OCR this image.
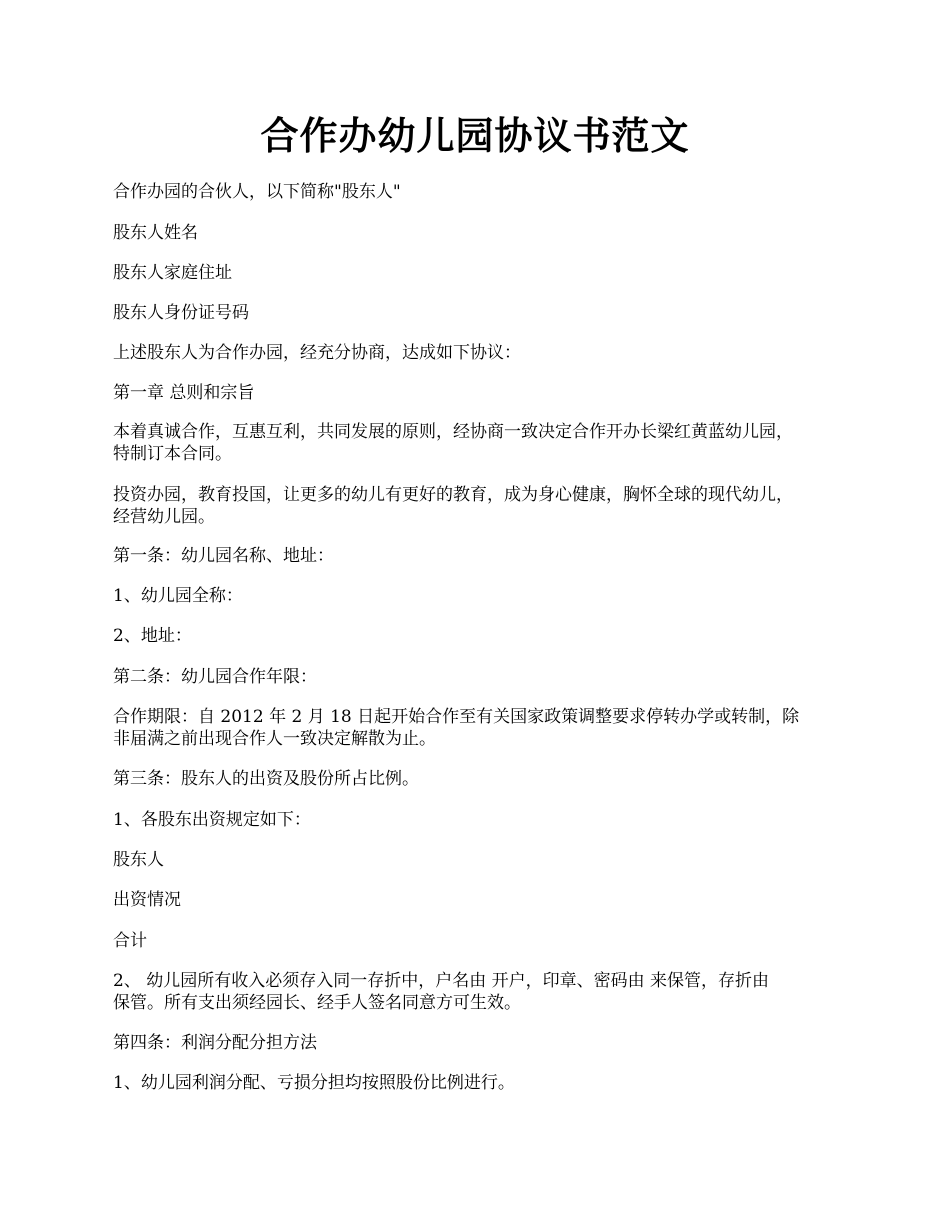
合作办幼儿园协议书范文
合作办园的合伙人，以下简称"股东人"
股东人姓名
股东人家庭住址
股东人身份证号码
上述股东人为合作办园，经充分协商，达成如下协议：
第一章 总则和宗旨
本着真诚合作，互惠互利，共同发展的原则，经协商一致决定合作开办长梁红黄蓝幼儿园，
特制订本合同。
投资办园，教育投国，让更多的幼儿有更好的教育，成为身心健康，胸怀全球的现代幼儿，
经营幼儿园。
第一条：幼儿园名称、地址：
1、幼儿园全称：
2、地址：
第二条：幼儿园合作年限：
合作期限：自 2012 年 2 月 18 日起开始合作至有关国家政策调整要求停转办学或转制，除
非届满之前出现合作人一致决定解散为止。
第三条：股东人的出资及股份所占比例。
1、各股东出资规定如下：
股东人
出资情况
合计
2、 幼儿园所有收入必须存入同一存折中，户名由 开户，印章、密码由 来保管，存折由
保管。所有支出须经园长、经手人签名同意方可生效。
第四条：利润分配分担方法
1、幼儿园利润分配、亏损分担均按照股份比例进行。
